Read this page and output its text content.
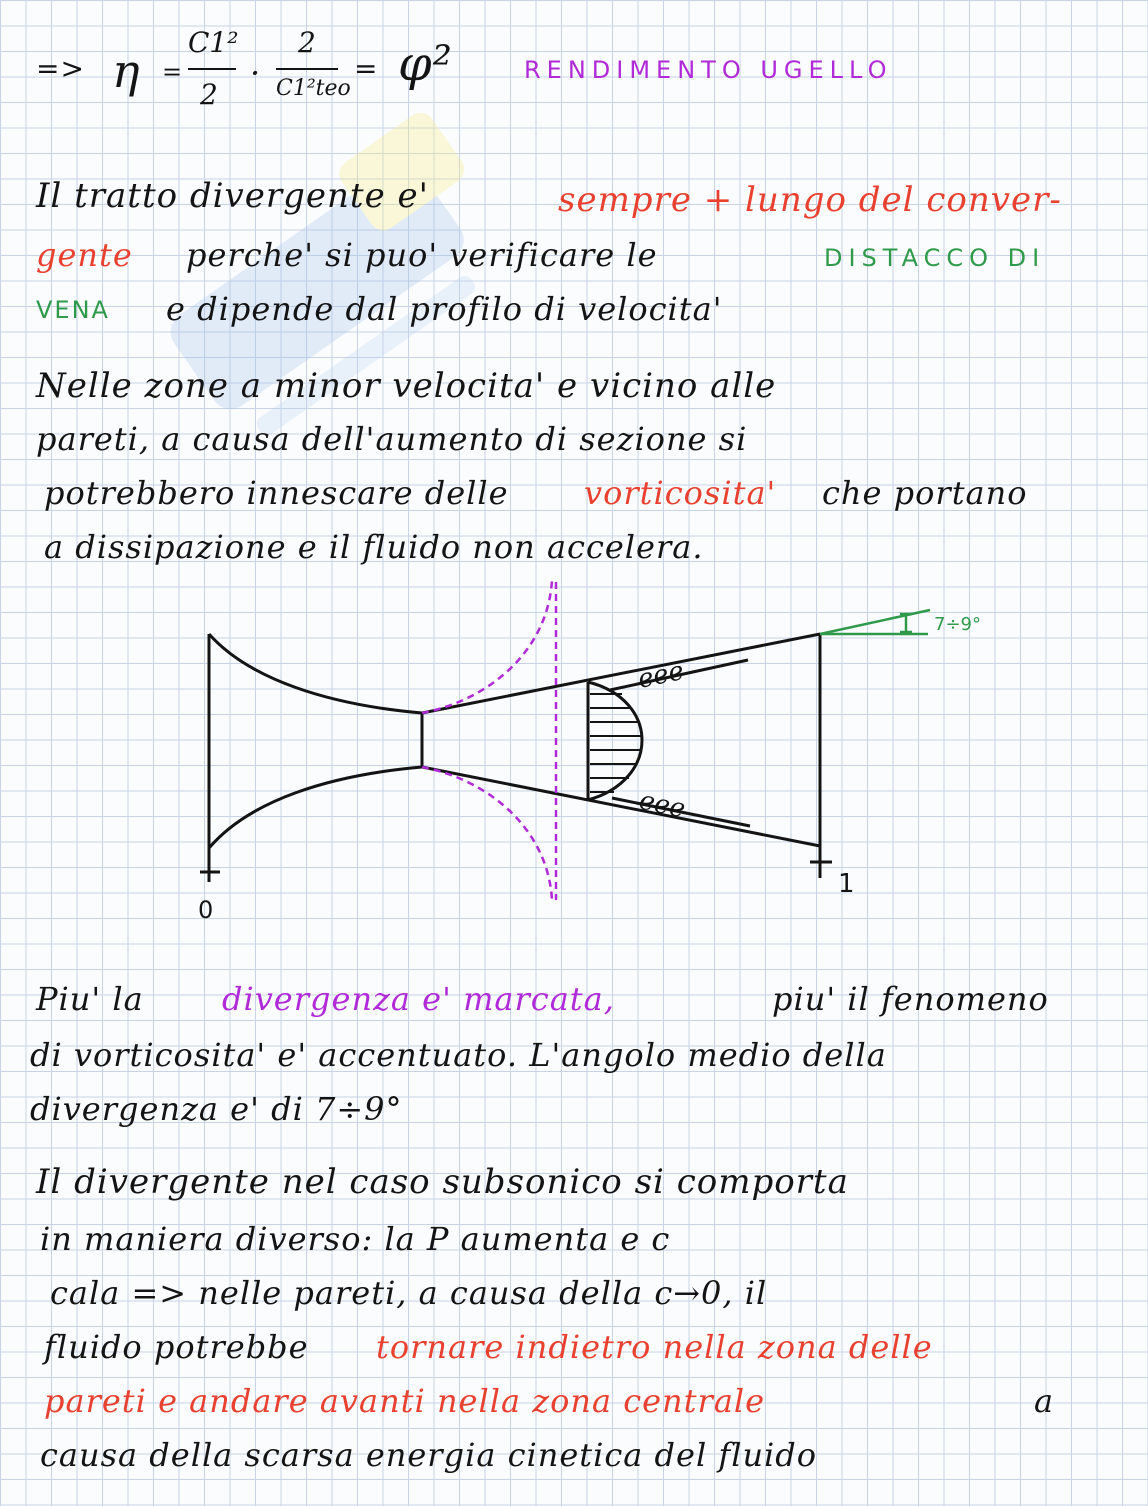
=> η =
C1²
2
·
2
C1²teo
= φ²	RENDIMENTO UGELLO
Il tratto divergente e'	sempre + lungo del conver-
gente perche' si puo' verificare le	DISTACCO DI
VENA e dipende dal profilo di velocita'
Nelle zone a minor velocita' e vicino alle
pareti, a causa dell'aumento di sezione si
potrebbero innescare delle vorticosita' che portano
a dissipazione e il fluido non accelera.
7÷9°
0
1
eee
eee
Piu' la divergenza e' marcata,	piu' il fenomeno
di vorticosita' e' accentuato. L'angolo medio della
divergenza e' di 7÷9°
Il divergente nel caso subsonico si comporta
in maniera diverso: la P aumenta e c
cala => nelle pareti, a causa della c→0, il
fluido potrebbe tornare indietro nella zona delle
pareti e andare avanti nella zona centrale	a
causa della scarsa energia cinetica del fluido
